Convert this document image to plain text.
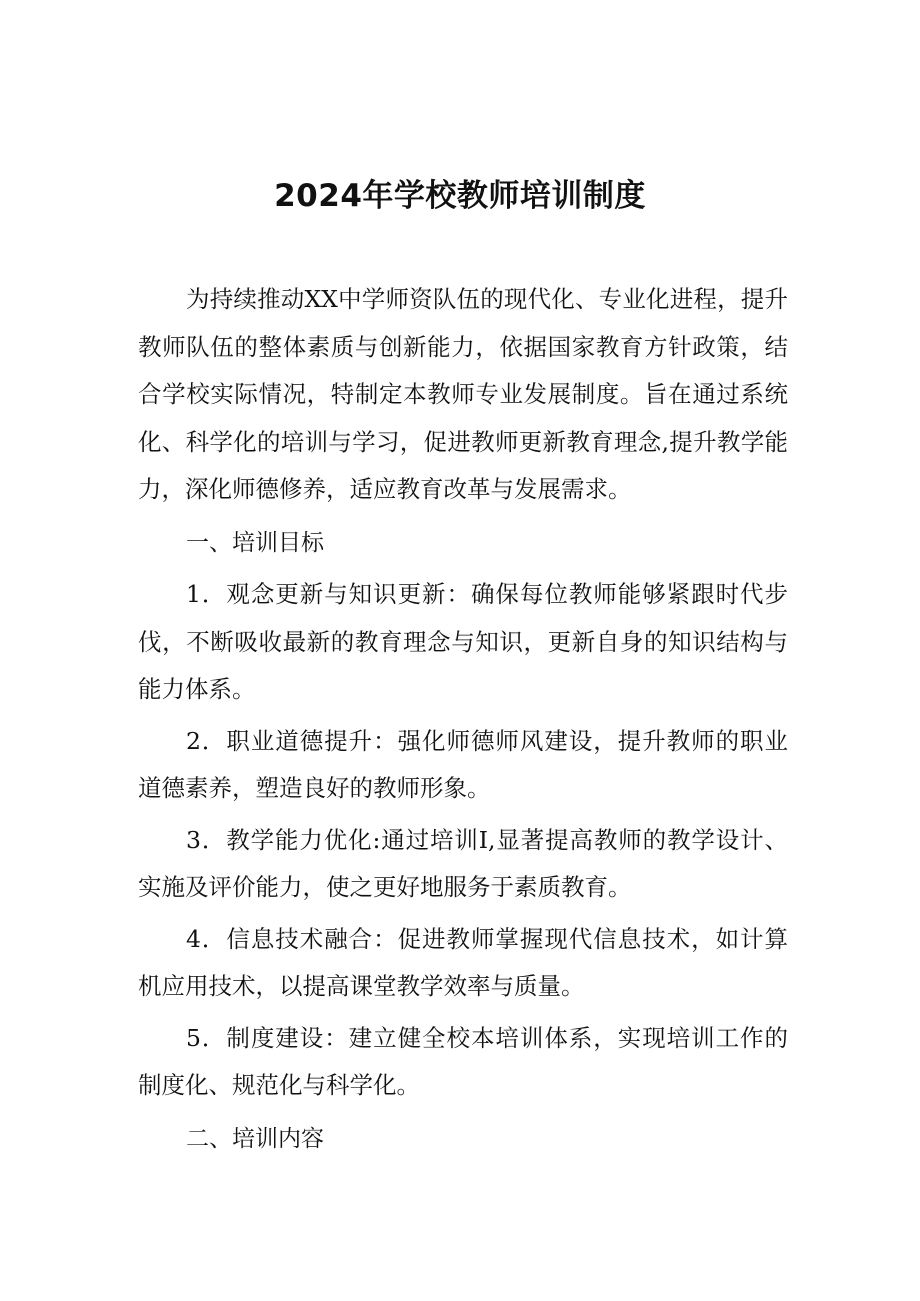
2024年学校教师培训制度

为持续推动XX中学师资队伍的现代化、专业化进程，提升教师队伍的整体素质与创新能力，依据国家教育方针政策，结合学校实际情况，特制定本教师专业发展制度。旨在通过系统化、科学化的培训与学习，促进教师更新教育理念,提升教学能力，深化师德修养，适应教育改革与发展需求。

一、培训目标

1．观念更新与知识更新：确保每位教师能够紧跟时代步伐，不断吸收最新的教育理念与知识，更新自身的知识结构与能力体系。

2．职业道德提升：强化师德师风建设，提升教师的职业道德素养，塑造良好的教师形象。

3．教学能力优化:通过培训I,显著提高教师的教学设计、实施及评价能力，使之更好地服务于素质教育。

4．信息技术融合：促进教师掌握现代信息技术，如计算机应用技术，以提高课堂教学效率与质量。

5．制度建设：建立健全校本培训体系，实现培训工作的制度化、规范化与科学化。

二、培训内容
